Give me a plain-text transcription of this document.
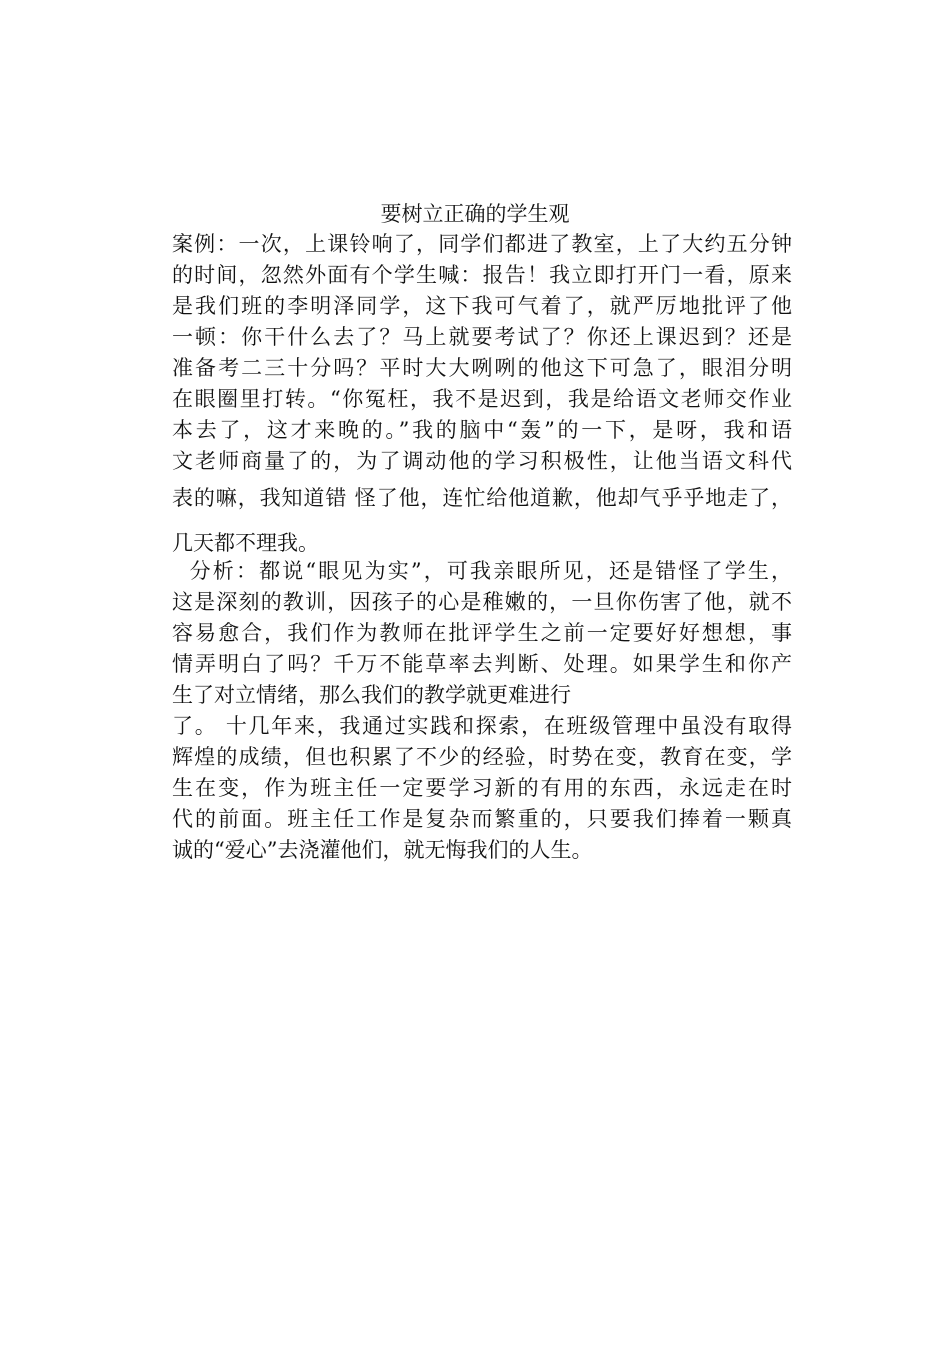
要树立正确的学生观
案例：一次，上课铃响了，同学们都进了教室，上了大约五分钟
的时间，忽然外面有个学生喊：报告！我立即打开门一看，原来
是我们班的李明泽同学，这下我可气着了，就严厉地批评了他
一顿：你干什么去了？马上就要考试了？你还上课迟到？还是
准备考二三十分吗？平时大大咧咧的他这下可急了，眼泪分明
在眼圈里打转。“你冤枉，我不是迟到，我是给语文老师交作业
本去了，这才来晚的。”我的脑中“轰”的一下，是呀，我和语
文老师商量了的，为了调动他的学习积极性，让他当语文科代
表的嘛，我知道错 怪了他，连忙给他道歉，他却气乎乎地走了，
几天都不理我。
分析：都说“眼见为实”，可我亲眼所见，还是错怪了学生，
这是深刻的教训，因孩子的心是稚嫩的，一旦你伤害了他，就不
容易愈合，我们作为教师在批评学生之前一定要好好想想，事
情弄明白了吗？千万不能草率去判断、处理。如果学生和你产
生了对立情绪，那么我们的教学就更难进行
了。 十几年来，我通过实践和探索，在班级管理中虽没有取得
辉煌的成绩，但也积累了不少的经验，时势在变，教育在变，学
生在变，作为班主任一定要学习新的有用的东西，永远走在时
代的前面。班主任工作是复杂而繁重的，只要我们捧着一颗真
诚的“爱心”去浇灌他们，就无悔我们的人生。
